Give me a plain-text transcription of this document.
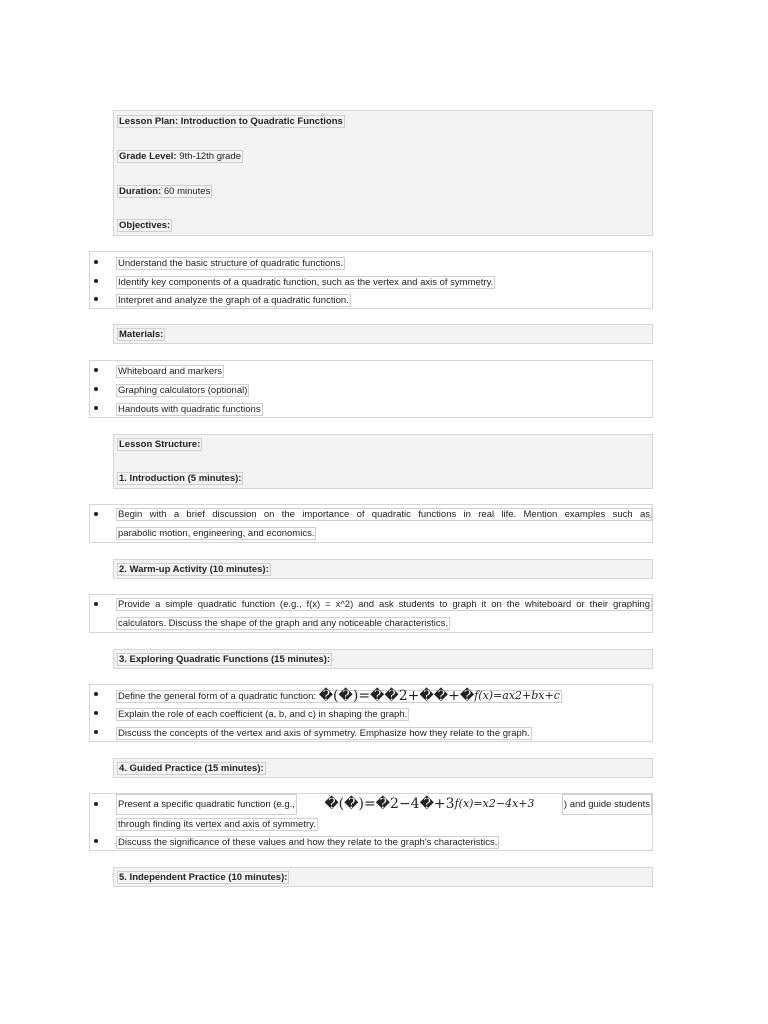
Lesson Plan: Introduction to Quadratic Functions
Grade Level: 9th-12th grade
Duration: 60 minutes
Objectives:
Understand the basic structure of quadratic functions.
Identify key components of a quadratic function, such as the vertex and axis of symmetry.
Interpret and analyze the graph of a quadratic function.
Materials:
Whiteboard and markers
Graphing calculators (optional)
Handouts with quadratic functions
Lesson Structure:
1. Introduction (5 minutes):
Begin with a brief discussion on the importance of quadratic functions in real life. Mention examples such as
parabolic motion, engineering, and economics.
2. Warm-up Activity (10 minutes):
Provide a simple quadratic function (e.g., f(x) = x^2) and ask students to graph it on the whiteboard or their graphing
calculators. Discuss the shape of the graph and any noticeable characteristics.
3. Exploring Quadratic Functions (15 minutes):
Define the general form of a quadratic function: �(�)=��2+��+�f(x)=ax2+bx+c
Explain the role of each coefficient (a, b, and c) in shaping the graph.
Discuss the concepts of the vertex and axis of symmetry. Emphasize how they relate to the graph.
4. Guided Practice (15 minutes):
Present a specific quadratic function (e.g., �(�)=�2−4�+3f(x)=x2−4x+3	) and guide students
through finding its vertex and axis of symmetry.
Discuss the significance of these values and how they relate to the graph's characteristics.
5. Independent Practice (10 minutes):
